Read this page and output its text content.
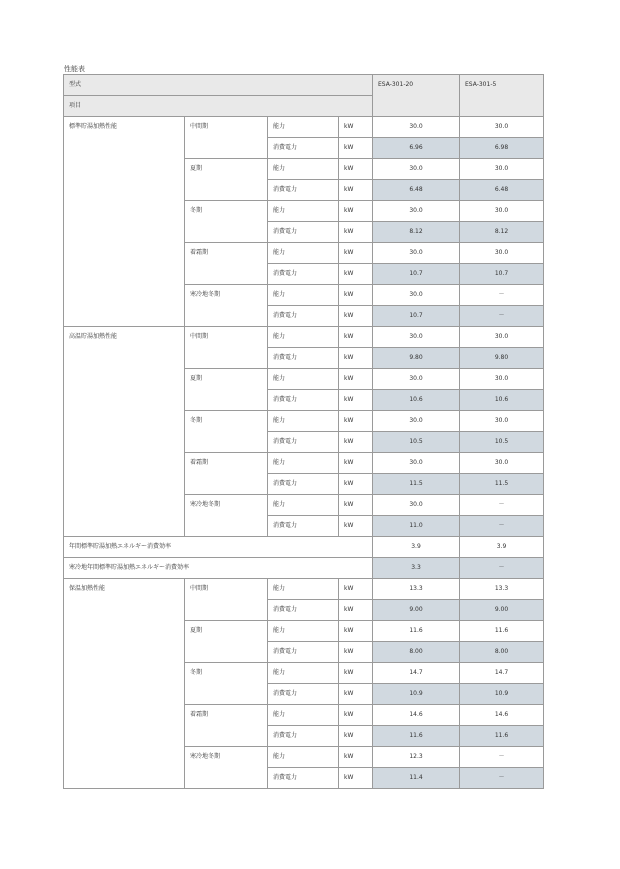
性能表
型式				ESA-301-20	ESA-301-5
項目					
標準貯湯加熱性能	中間期	能力	kW	30.0	30.0
		消費電力	kW	6.96	6.98
	夏期	能力	kW	30.0	30.0
		消費電力	kW	6.48	6.48
	冬期	能力	kW	30.0	30.0
		消費電力	kW	8.12	8.12
	着霜期	能力	kW	30.0	30.0
		消費電力	kW	10.7	10.7
	寒冷地冬期	能力	kW	30.0	－
		消費電力	kW	10.7	－
高温貯湯加熱性能	中間期	能力	kW	30.0	30.0
		消費電力	kW	9.80	9.80
	夏期	能力	kW	30.0	30.0
		消費電力	kW	10.6	10.6
	冬期	能力	kW	30.0	30.0
		消費電力	kW	10.5	10.5
	着霜期	能力	kW	30.0	30.0
		消費電力	kW	11.5	11.5
	寒冷地冬期	能力	kW	30.0	－
		消費電力	kW	11.0	－
年間標準貯湯加熱エネルギー消費効率				3.9	3.9
寒冷地年間標準貯湯加熱エネルギー消費効率				3.3	－
保温加熱性能	中間期	能力	kW	13.3	13.3
		消費電力	kW	9.00	9.00
	夏期	能力	kW	11.6	11.6
		消費電力	kW	8.00	8.00
	冬期	能力	kW	14.7	14.7
		消費電力	kW	10.9	10.9
	着霜期	能力	kW	14.6	14.6
		消費電力	kW	11.6	11.6
	寒冷地冬期	能力	kW	12.3	－
		消費電力	kW	11.4	－
